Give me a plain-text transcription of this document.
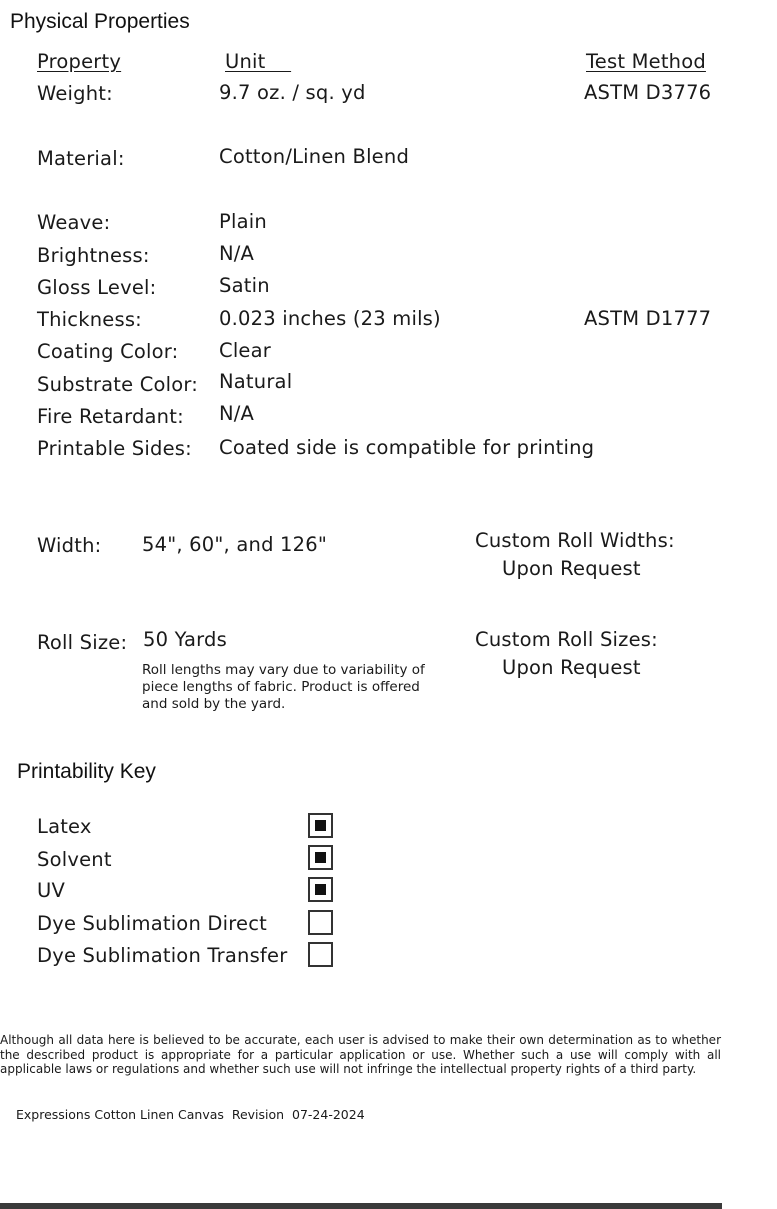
Physical Properties
Property	Unit	Test Method
Weight:	9.7 oz. / sq. yd	ASTM D3776
Material:	Cotton/Linen Blend
Weave:	Plain
Brightness:	N/A
Gloss Level:	Satin
Thickness:	0.023 inches (23 mils)	ASTM D1777
Coating Color: Clear
Substrate Color: Natural
Fire Retardant: N/A
Printable Sides: Coated side is compatible for printing
Width: 54", 60", and 126"	Custom Roll Widths:
Upon Request
Roll Size: 50 Yards
Roll lengths may vary due to variability of piece lengths of fabric. Product is offered and sold by the yard.
Custom Roll Sizes:
Upon Request
Printability Key
Latex
Solvent
UV
Dye Sublimation Direct
Dye Sublimation Transfer
Although all data here is believed to be accurate, each user is advised to make their own determination as to whether the described product is appropriate for a particular application or use. Whether such a use will comply with all applicable laws or regulations and whether such use will not infringe the intellectual property rights of a third party.
Expressions Cotton Linen Canvas  Revision  07-24-2024
